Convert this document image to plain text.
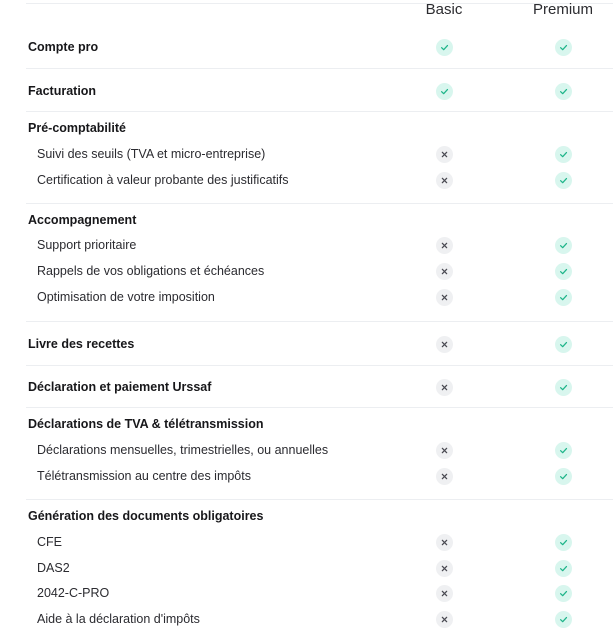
Basic	Premium
Compte pro
Facturation
Pré-comptabilité
Suivi des seuils (TVA et micro-entreprise)
Certification à valeur probante des justificatifs
Accompagnement
Support prioritaire
Rappels de vos obligations et échéances
Optimisation de votre imposition
Livre des recettes
Déclaration et paiement Urssaf
Déclarations de TVA & télétransmission
Déclarations mensuelles, trimestrielles, ou annuelles
Télétransmission au centre des impôts
Génération des documents obligatoires
CFE
DAS2
2042-C-PRO
Aide à la déclaration d'impôts
